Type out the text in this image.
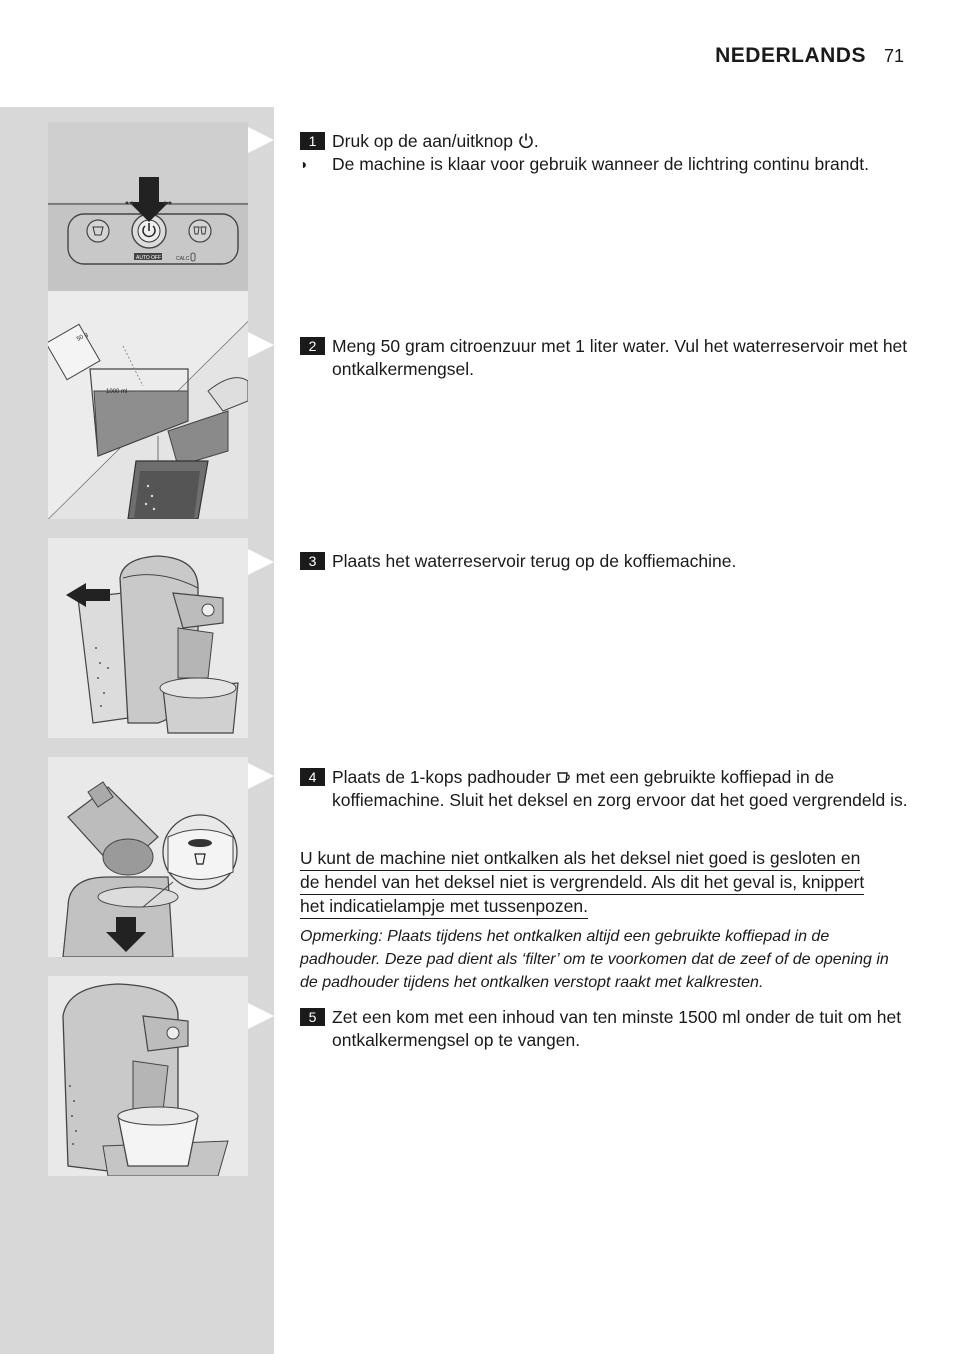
NEDERLANDS 71
AUTO OFF	CALC
1000 ml
50 g
1 Druk op de aan/uitknop .
◗	De machine is klaar voor gebruik wanneer de lichtring continu brandt.
2 Meng 50 gram citroenzuur met 1 liter water. Vul het waterreservoir met het ontkalkermengsel.
3 Plaats het waterreservoir terug op de koffiemachine.
4 Plaats de 1-kops padhouder  met een gebruikte koffiepad in de koffiemachine. Sluit het deksel en zorg ervoor dat het goed vergrendeld is.
U kunt de machine niet ontkalken als het deksel niet goed is gesloten en
de hendel van het deksel niet is vergrendeld. Als dit het geval is, knippert
het indicatielampje met tussenpozen.
Opmerking: Plaats tijdens het ontkalken altijd een gebruikte koffiepad in de padhouder. Deze pad dient als ‘filter’ om te voorkomen dat de zeef of de opening in de padhouder tijdens het ontkalken verstopt raakt met kalkresten.
5 Zet een kom met een inhoud van ten minste 1500 ml onder de tuit om het ontkalkermengsel op te vangen.
